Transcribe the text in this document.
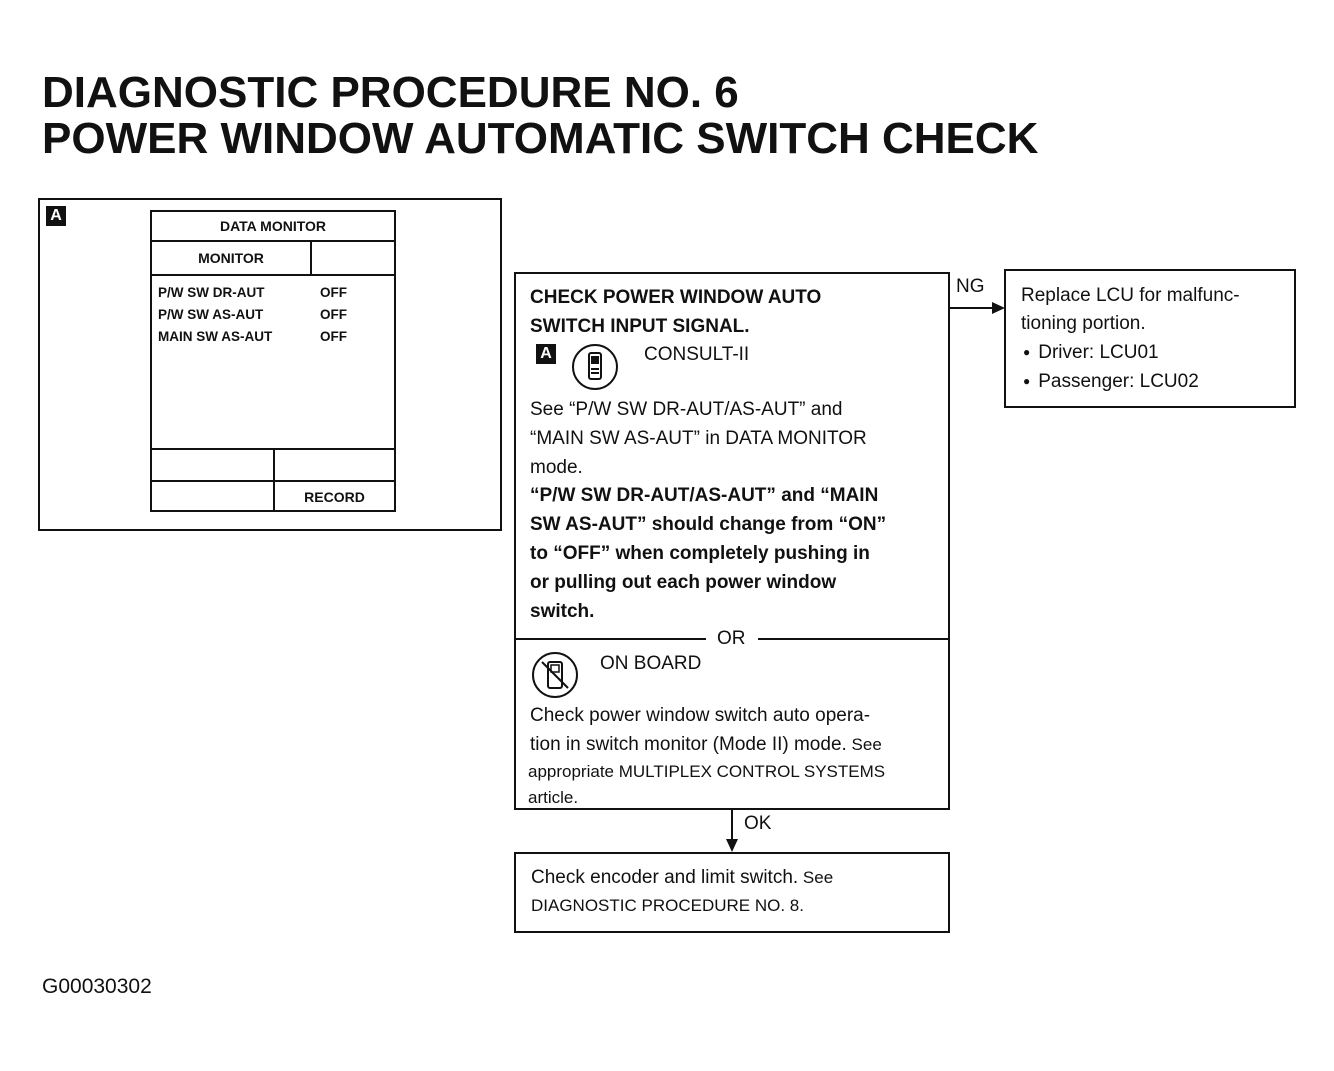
DIAGNOSTIC PROCEDURE NO. 6
POWER WINDOW AUTOMATIC SWITCH CHECK
A
DATA MONITOR
MONITOR
P/W SW DR-AUT	OFF
P/W SW AS-AUT	OFF
MAIN SW AS-AUT	OFF
RECORD
CHECK POWER WINDOW AUTO
SWITCH INPUT SIGNAL.
A	CONSULT-II
See “P/W SW DR-AUT/AS-AUT” and
“MAIN SW AS-AUT” in DATA MONITOR
mode.
“P/W SW DR-AUT/AS-AUT” and “MAIN
SW AS-AUT” should change from “ON”
to “OFF” when completely pushing in
or pulling out each power window
switch.
OR
ON BOARD
Check power window switch auto opera-
tion in switch monitor (Mode II) mode. See
appropriate MULTIPLEX CONTROL SYSTEMS
article.
NG Replace LCU for malfunc-
tioning portion.
● Driver: LCU01
● Passenger: LCU02
OK
Check encoder and limit switch. See
DIAGNOSTIC PROCEDURE NO. 8.
G00030302
